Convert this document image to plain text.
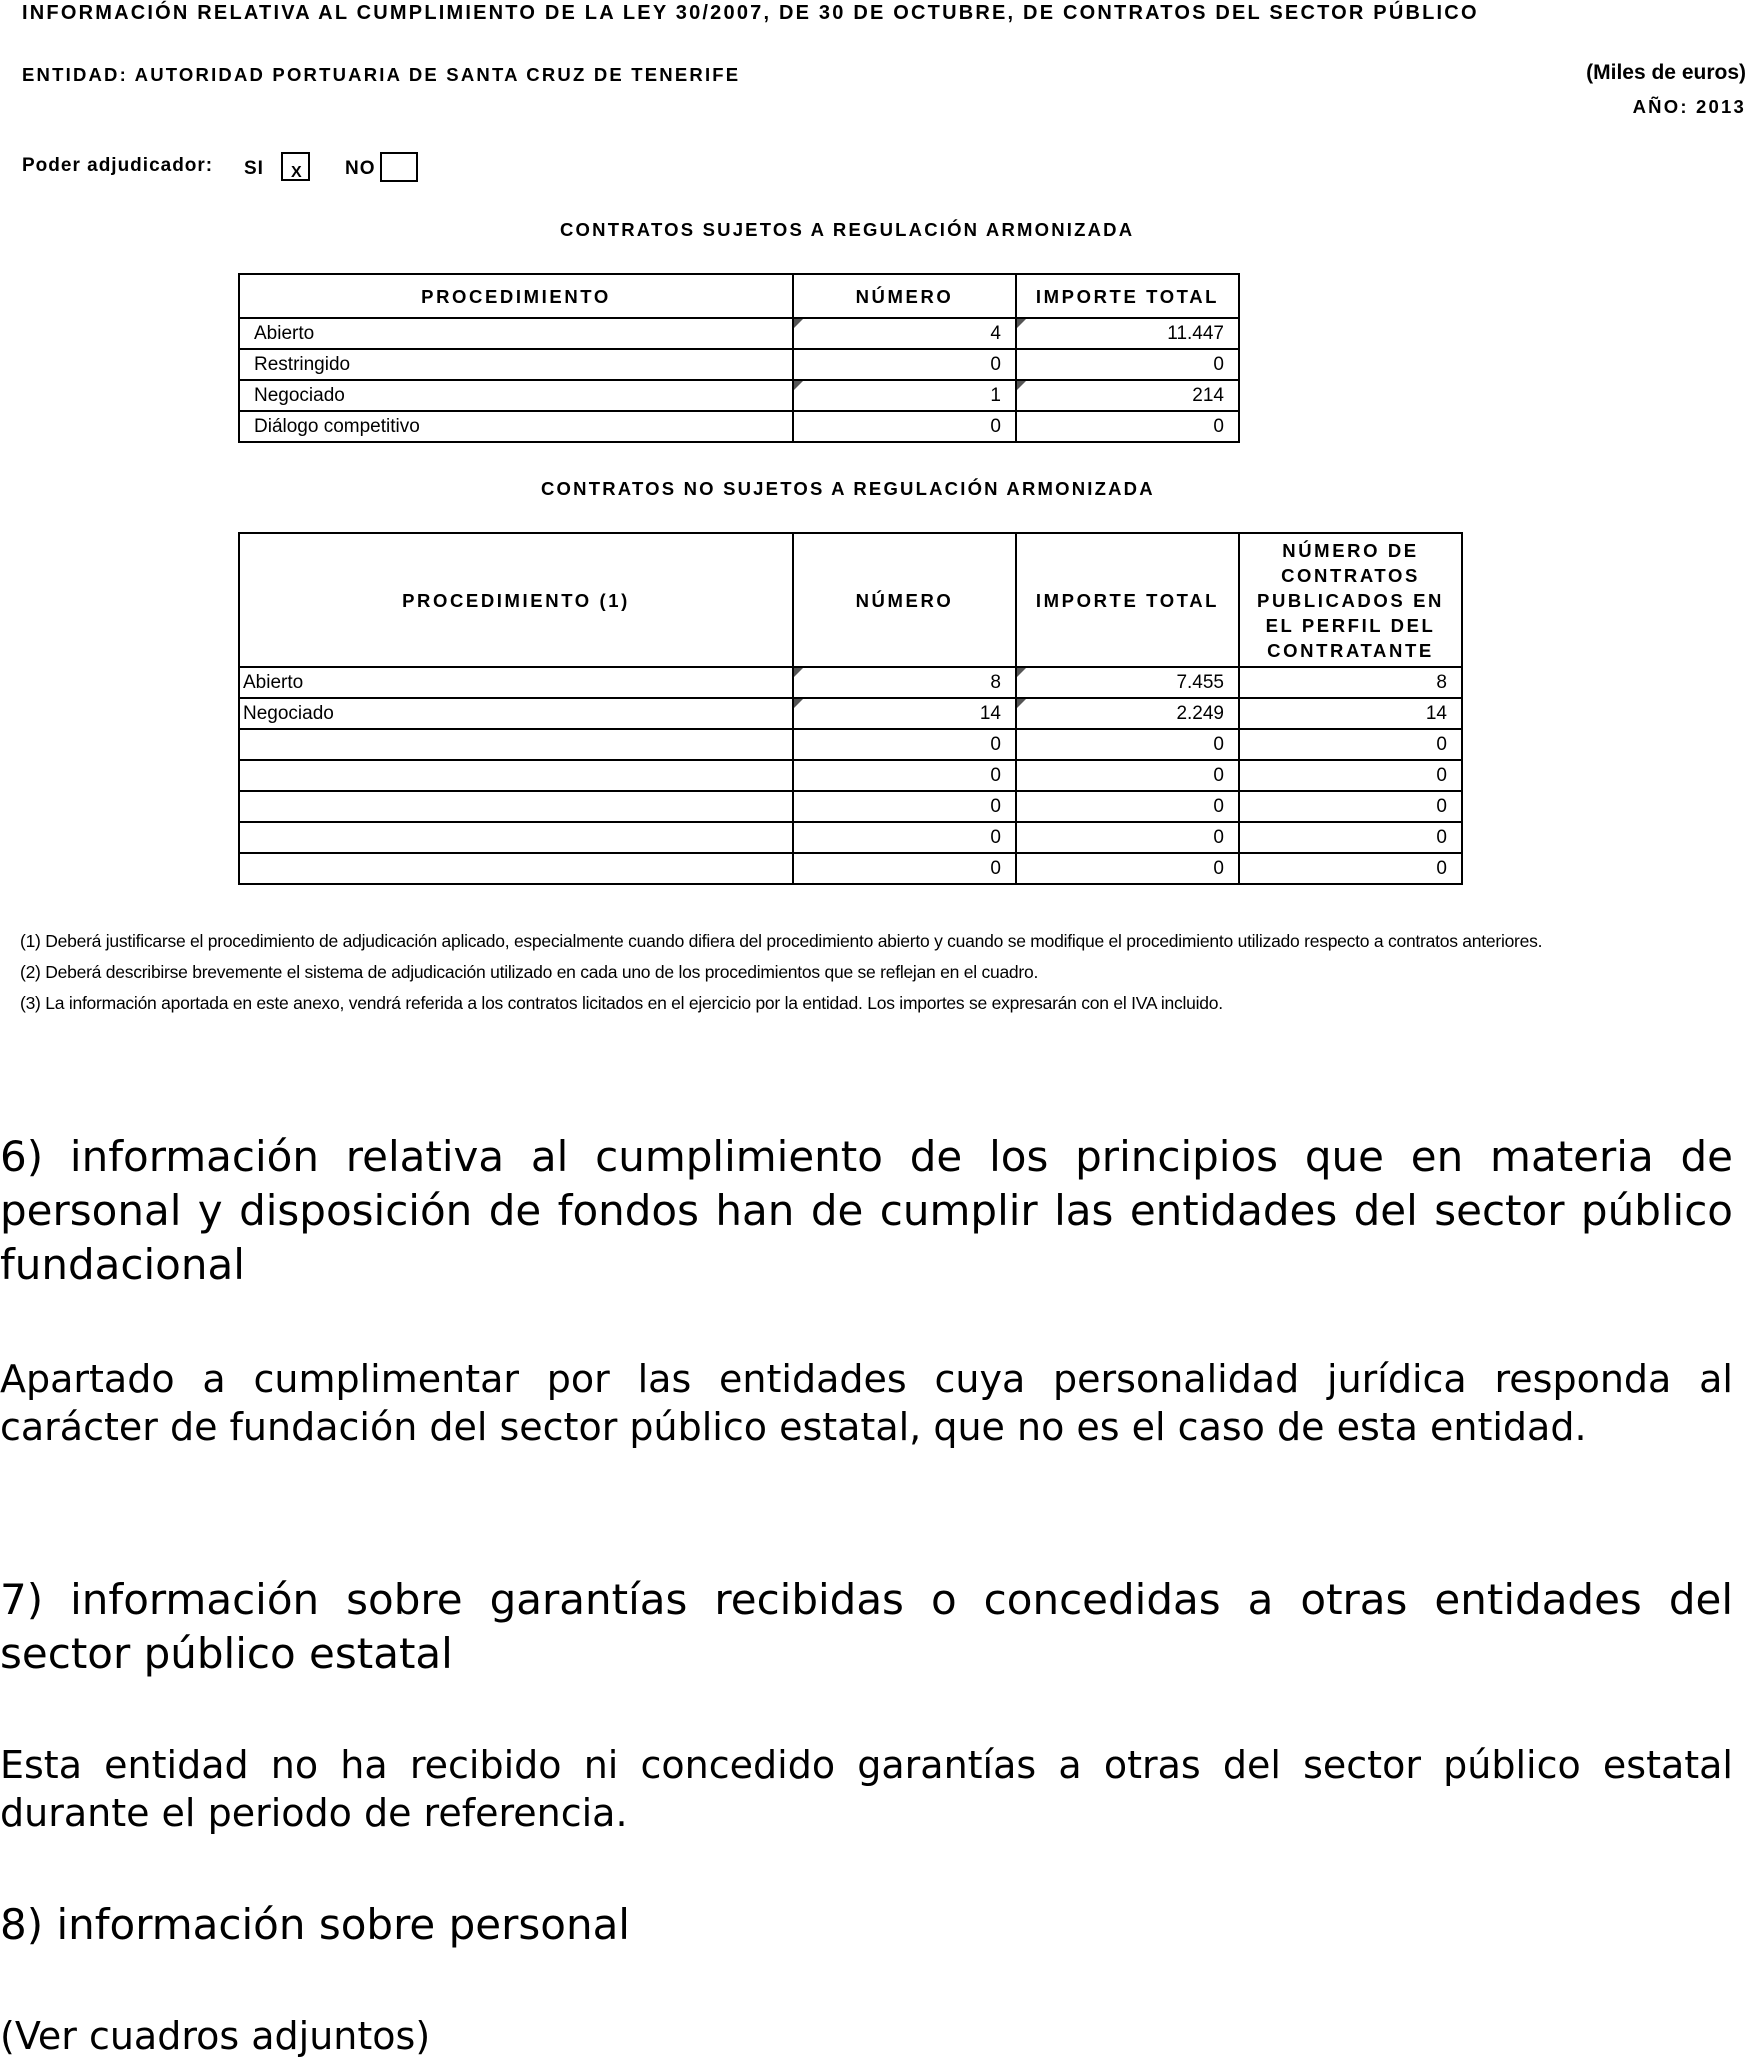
INFORMACIÓN RELATIVA AL CUMPLIMIENTO DE LA LEY 30/2007, DE 30 DE OCTUBRE, DE CONTRATOS DEL SECTOR PÚBLICO
ENTIDAD: AUTORIDAD PORTUARIA DE SANTA CRUZ DE TENERIFE	(Miles de euros)
AÑO: 2013
Poder adjudicador: SI X NO
CONTRATOS SUJETOS A REGULACIÓN ARMONIZADA
PROCEDIMIENTO	NÚMERO	IMPORTE TOTAL
Abierto	4	11.447
Restringido	0	0
Negociado	1	214
Diálogo competitivo	0	0
CONTRATOS NO SUJETOS A REGULACIÓN ARMONIZADA
PROCEDIMIENTO (1)	NÚMERO	IMPORTE TOTAL	NÚMERO DE CONTRATOS PUBLICADOS EN EL PERFIL DEL CONTRATANTE
Abierto	8	7.455	8
Negociado	14	2.249	14
	0	0	0
	0	0	0
	0	0	0
	0	0	0
	0	0	0
(1) Deberá justificarse el procedimiento de adjudicación aplicado, especialmente cuando difiera del procedimiento abierto y cuando se modifique el procedimiento utilizado respecto a contratos anteriores.
(2) Deberá describirse brevemente el sistema de adjudicación utilizado en cada uno de los procedimientos que se reflejan en el cuadro.
(3) La información aportada en este anexo, vendrá referida a los contratos licitados en el ejercicio por la entidad. Los importes se expresarán con el IVA incluido.
6) información relativa al cumplimiento de los principios que en materia de personal y disposición de fondos han de cumplir las entidades del sector público fundacional
Apartado a cumplimentar por las entidades cuya personalidad jurídica responda al carácter de fundación del sector público estatal, que no es el caso de esta entidad.
7) información sobre garantías recibidas o concedidas a otras entidades del sector público estatal
Esta entidad no ha recibido ni concedido garantías a otras del sector público estatal durante el periodo de referencia.
8) información sobre personal
(Ver cuadros adjuntos)
